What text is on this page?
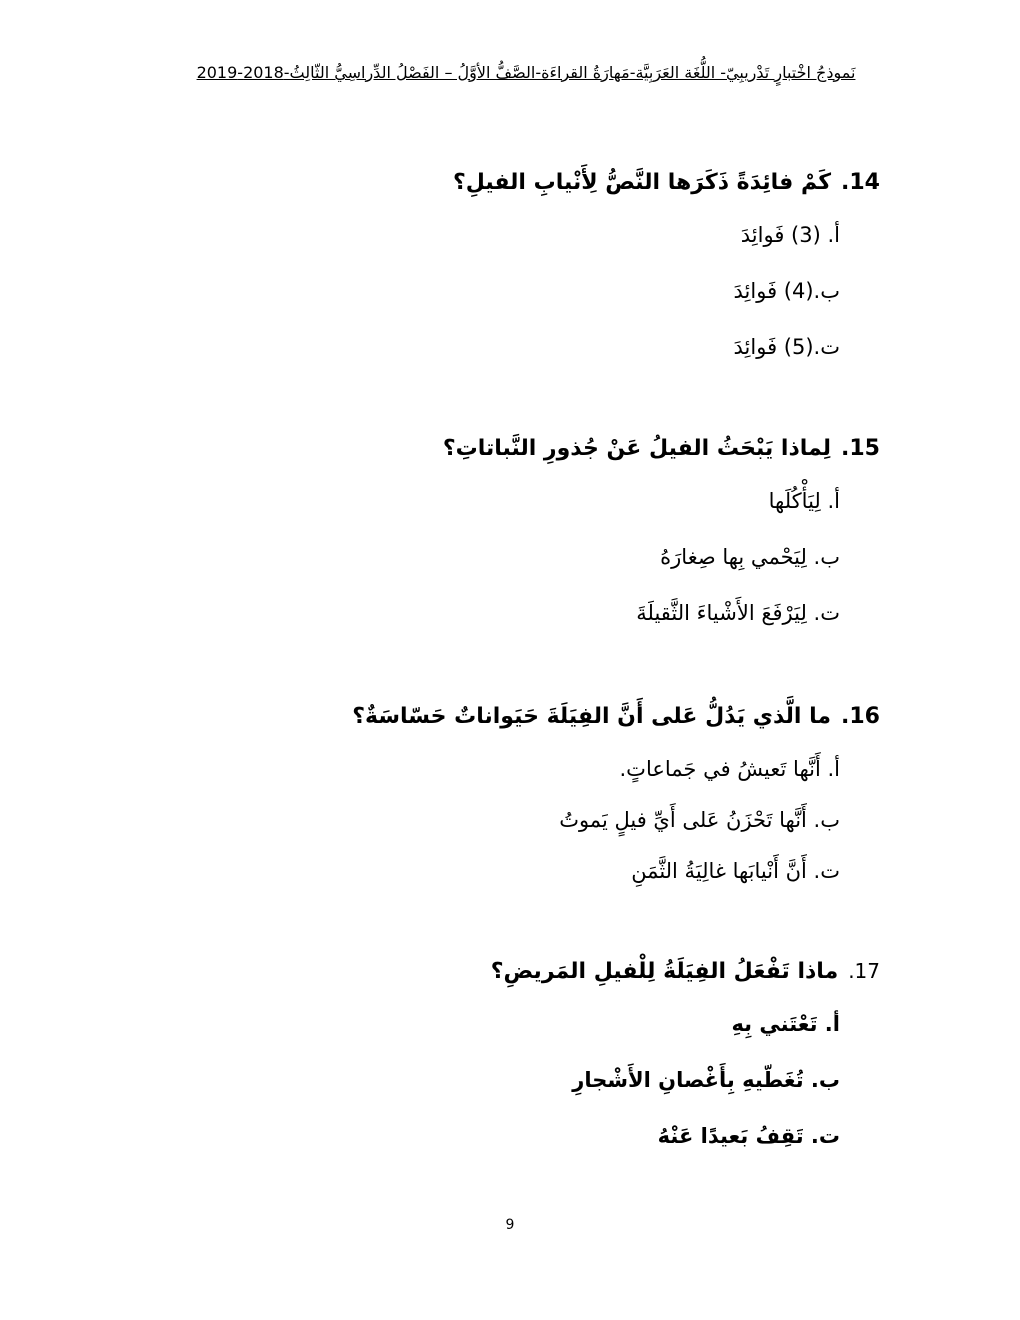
نَموذجُ اخْتبارٍ تَدْريبِيّ- اللُّغَة العَرَبِيَّة-مَهارَةُ القراءَة-الصَّفُّ الأوَّلُ – الفَصْلُ الدِّراسِيُّ الثّالِثُ-2018-2019
14.كَمْ فائِدَةً ذَكَرَها النَّصُّ لِأَنْيابِ الفيلِ؟
أ. (3) فَوائِدَ
ب.(4) فَوائِدَ
ت.(5) فَوائِدَ
15.لِماذا يَبْحَثُ الفيلُ عَنْ جُذورِ النَّباتاتِ؟
أ. لِيَأْكُلَها
ب. لِيَحْمي بِها صِغارَهُ
ت. لِيَرْفَعَ الأَشْياءَ الثَّقيلَةَ
16.ما الَّذي يَدُلُّ عَلى أَنَّ الفِيَلَةَ حَيَواناتٌ حَسّاسَةٌ؟
أ. أَنَّها تَعيشُ في جَماعاتٍ.
ب. أَنَّها تَحْزَنُ عَلى أَيِّ فيلٍ يَموتُ
ت. أَنَّ أَنْيابَها غالِيَةُ الثَّمَنِ
17.ماذا تَفْعَلُ الفِيَلَةُ لِلْفيلِ المَريضِ؟
أ. تَعْتَني بِهِ
ب. تُغَطّيهِ بِأَغْصانِ الأَشْجارِ
ت. تَقِفُ بَعيدًا عَنْهُ
9
